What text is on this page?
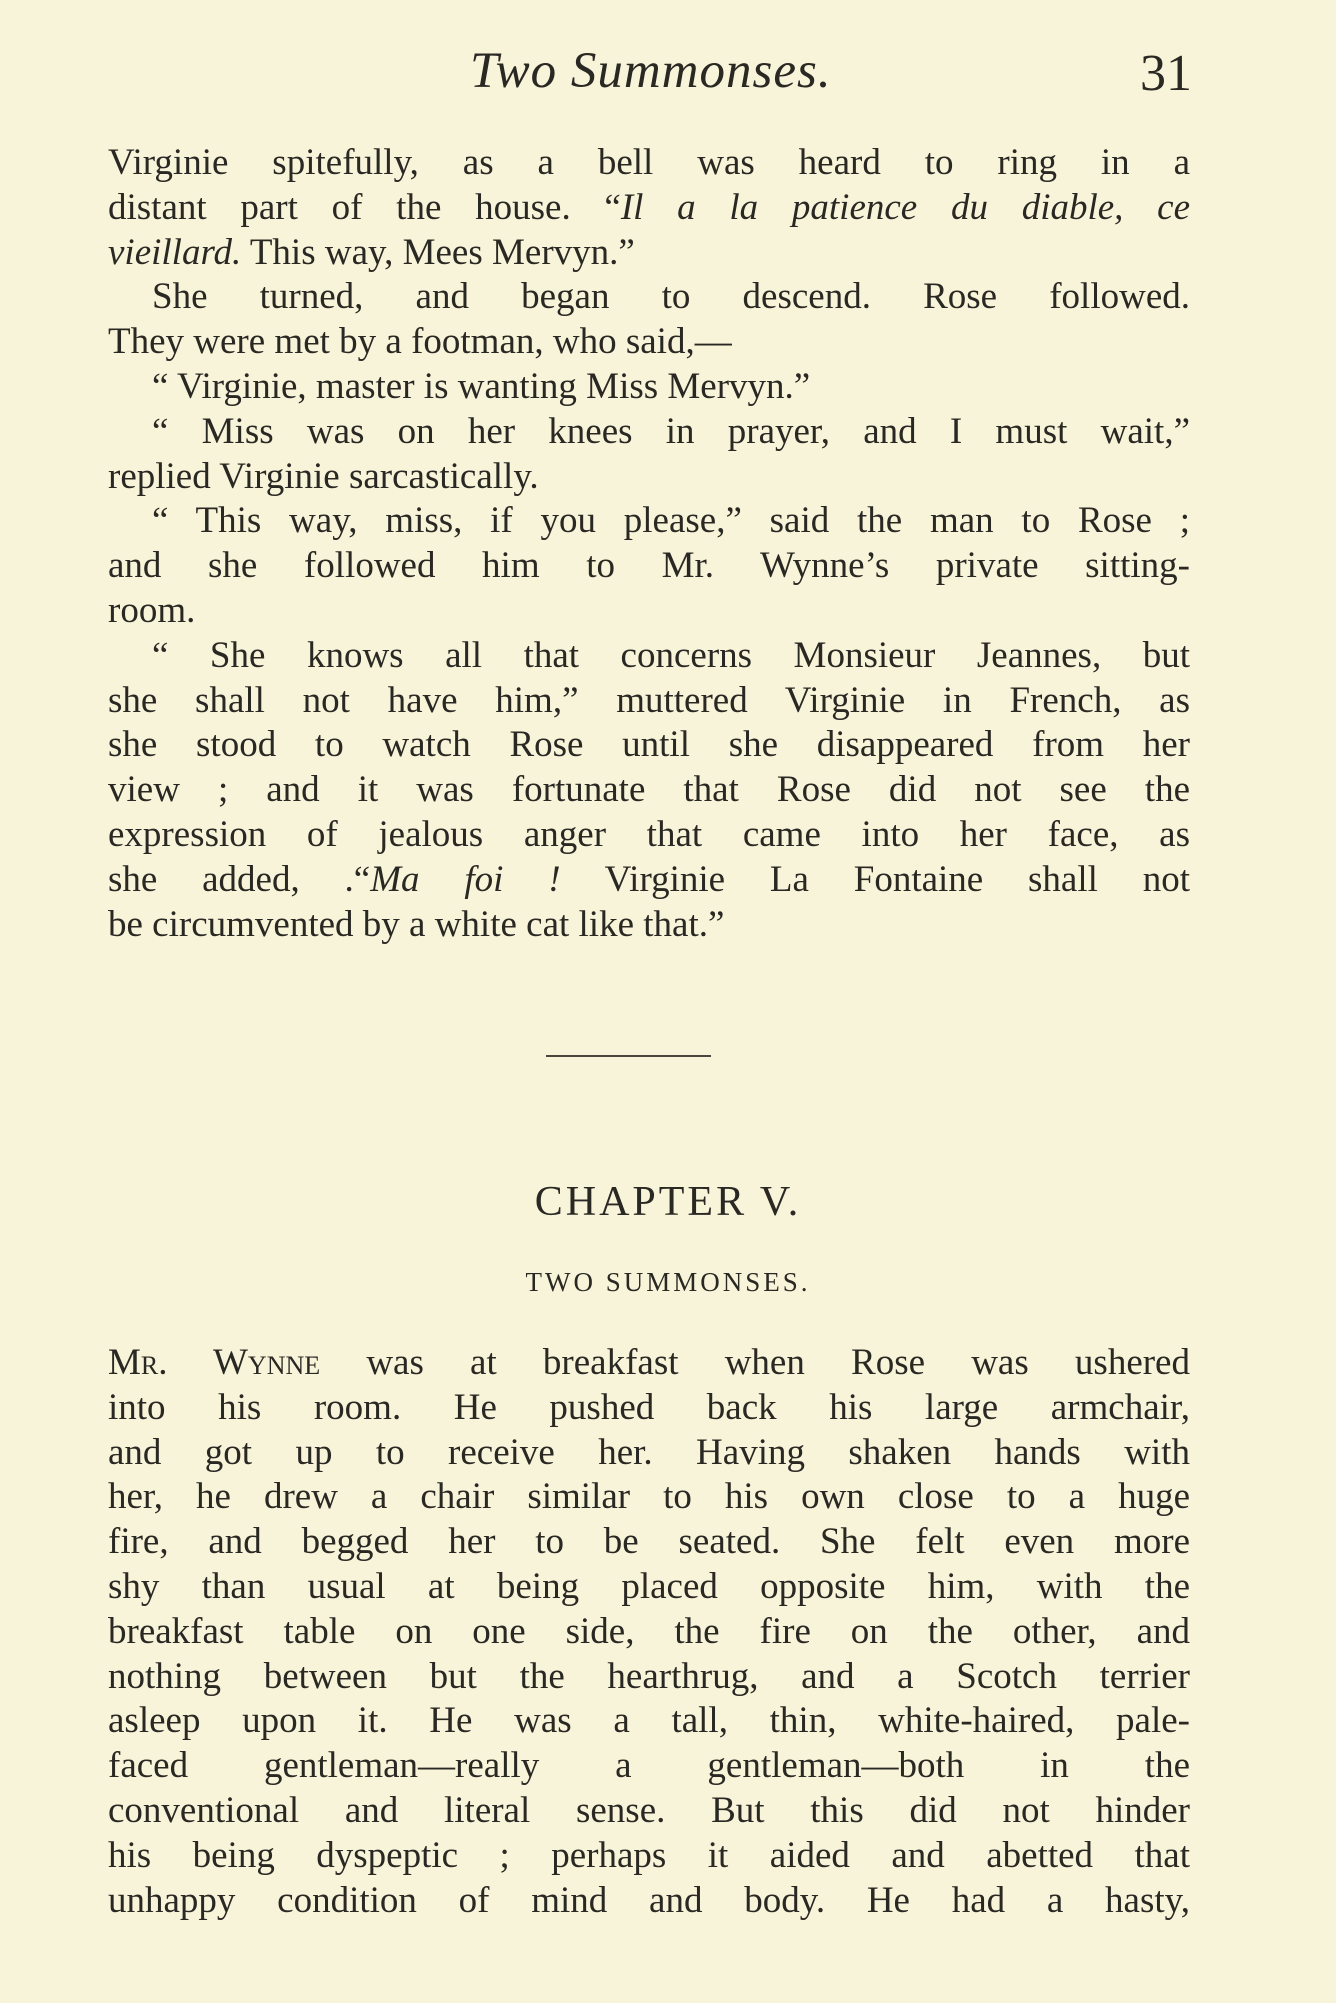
Two Summonses.	31
Virginie spitefully, as a bell was heard to ring in a
distant part of the house. “Il a la patience du diable, ce
vieillard. This way, Mees Mervyn.”
She turned, and began to descend. Rose followed.
They were met by a footman, who said,—
“ Virginie, master is wanting Miss Mervyn.”
“ Miss was on her knees in prayer, and I must wait,”
replied Virginie sarcastically.
“ This way, miss, if you please,” said the man to Rose ;
and she followed him to Mr. Wynne’s private sitting-
room.
“ She knows all that concerns Monsieur Jeannes, but
she shall not have him,” muttered Virginie in French, as
she stood to watch Rose until she disappeared from her
view ; and it was fortunate that Rose did not see the
expression of jealous anger that came into her face, as
she added, .“Ma foi ! Virginie La Fontaine shall not
be circumvented by a white cat like that.”
CHAPTER V.
TWO SUMMONSES.
Mr. Wynne was at breakfast when Rose was ushered
into his room. He pushed back his large armchair,
and got up to receive her. Having shaken hands with
her, he drew a chair similar to his own close to a huge
fire, and begged her to be seated. She felt even more
shy than usual at being placed opposite him, with the
breakfast table on one side, the fire on the other, and
nothing between but the hearthrug, and a Scotch terrier
asleep upon it. He was a tall, thin, white-haired, pale-
faced gentleman—really a gentleman—both in the
conventional and literal sense. But this did not hinder
his being dyspeptic ; perhaps it aided and abetted that
unhappy condition of mind and body. He had a hasty,
